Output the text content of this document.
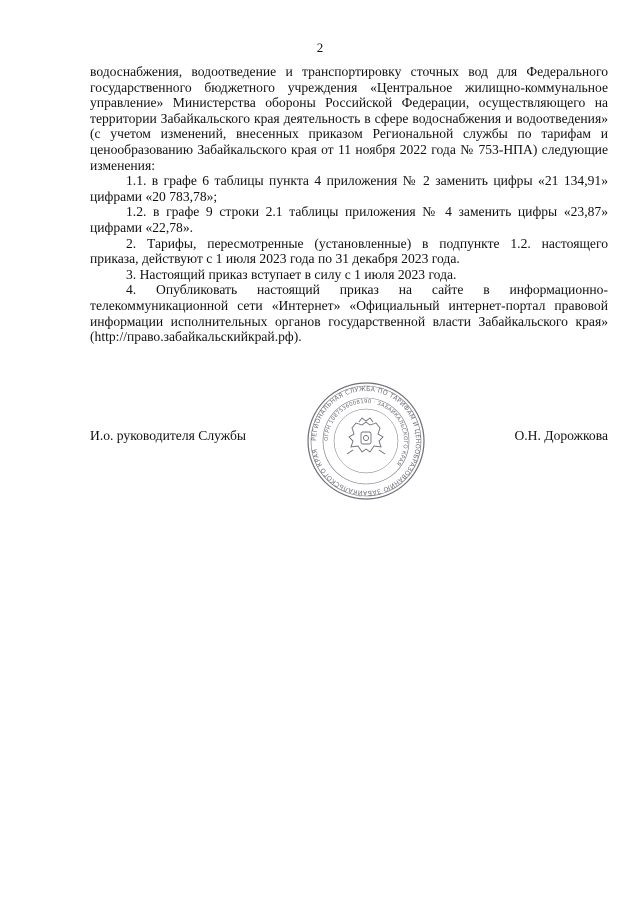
2

водоснабжения, водоотведение и транспортировку сточных вод для Федерального государственного бюджетного учреждения «Центральное жилищно-коммунальное управление» Министерства обороны Российской Федерации, осуществляющего на территории Забайкальского края деятельность в сфере водоснабжения и водоотведения» (с учетом изменений, внесенных приказом Региональной службы по тарифам и ценообразованию Забайкальского края от 11 ноября 2022 года № 753-НПА) следующие изменения:

1.1. в графе 6 таблицы пункта 4 приложения № 2 заменить цифры «21 134,91» цифрами «20 783,78»;

1.2. в графе 9 строки 2.1 таблицы приложения № 4 заменить цифры «23,87» цифрами «22,78».

2. Тарифы, пересмотренные (установленные) в подпункте 1.2. настоящего приказа, действуют с 1 июля 2023 года по 31 декабря 2023 года.

3. Настоящий приказ вступает в силу с 1 июля 2023 года.

4. Опубликовать настоящий приказ на сайте в информационно-телекоммуникационной сети «Интернет» «Официальный интернет-портал правовой информации исполнительных органов государственной власти Забайкальского края» (http://право.забайкальскийкрай.рф).

И.о. руководителя Службы	О.Н. Дорожкова
РЕГИОНАЛЬНАЯ СЛУЖБА ПО ТАРИФАМ И ЦЕНООБРАЗОВАНИЮ ЗАБАЙКАЛЬСКОГО КРАЯ
ОГРН 1087536008190 · ЗАБАЙКАЛЬСКОГО КРАЯ
